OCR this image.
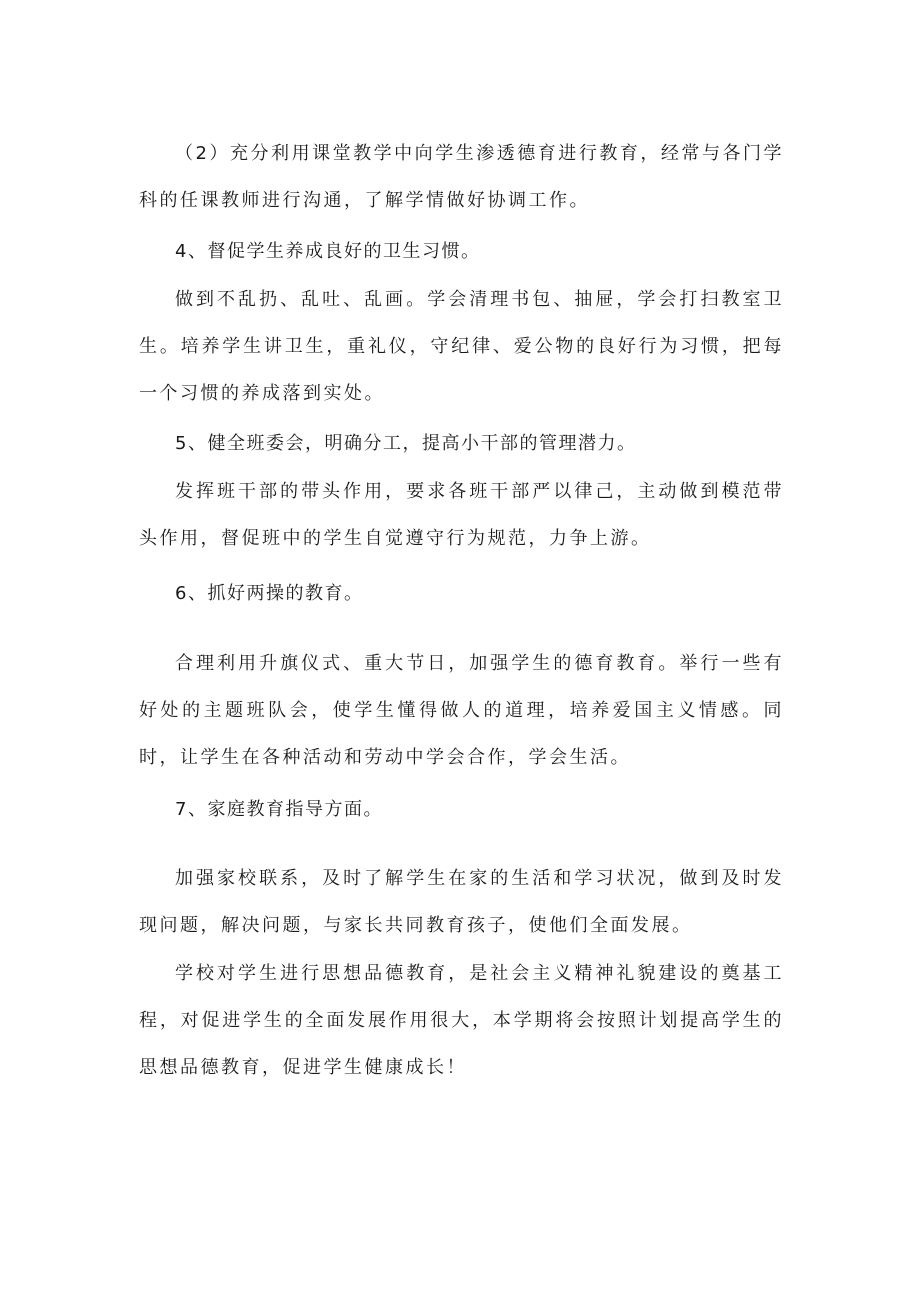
（2）充分利用课堂教学中向学生渗透德育进行教育，经常与各门学科的任课教师进行沟通，了解学情做好协调工作。

4、督促学生养成良好的卫生习惯。

做到不乱扔、乱吐、乱画。学会清理书包、抽屉，学会打扫教室卫生。培养学生讲卫生，重礼仪，守纪律、爱公物的良好行为习惯，把每一个习惯的养成落到实处。

5、健全班委会，明确分工，提高小干部的管理潜力。

发挥班干部的带头作用，要求各班干部严以律己，主动做到模范带头作用，督促班中的学生自觉遵守行为规范，力争上游。

6、抓好两操的教育。

合理利用升旗仪式、重大节日，加强学生的德育教育。举行一些有好处的主题班队会，使学生懂得做人的道理，培养爱国主义情感。同时，让学生在各种活动和劳动中学会合作，学会生活。

7、家庭教育指导方面。

加强家校联系，及时了解学生在家的生活和学习状况，做到及时发现问题，解决问题，与家长共同教育孩子，使他们全面发展。

学校对学生进行思想品德教育，是社会主义精神礼貌建设的奠基工程，对促进学生的全面发展作用很大，本学期将会按照计划提高学生的思想品德教育，促进学生健康成长！
